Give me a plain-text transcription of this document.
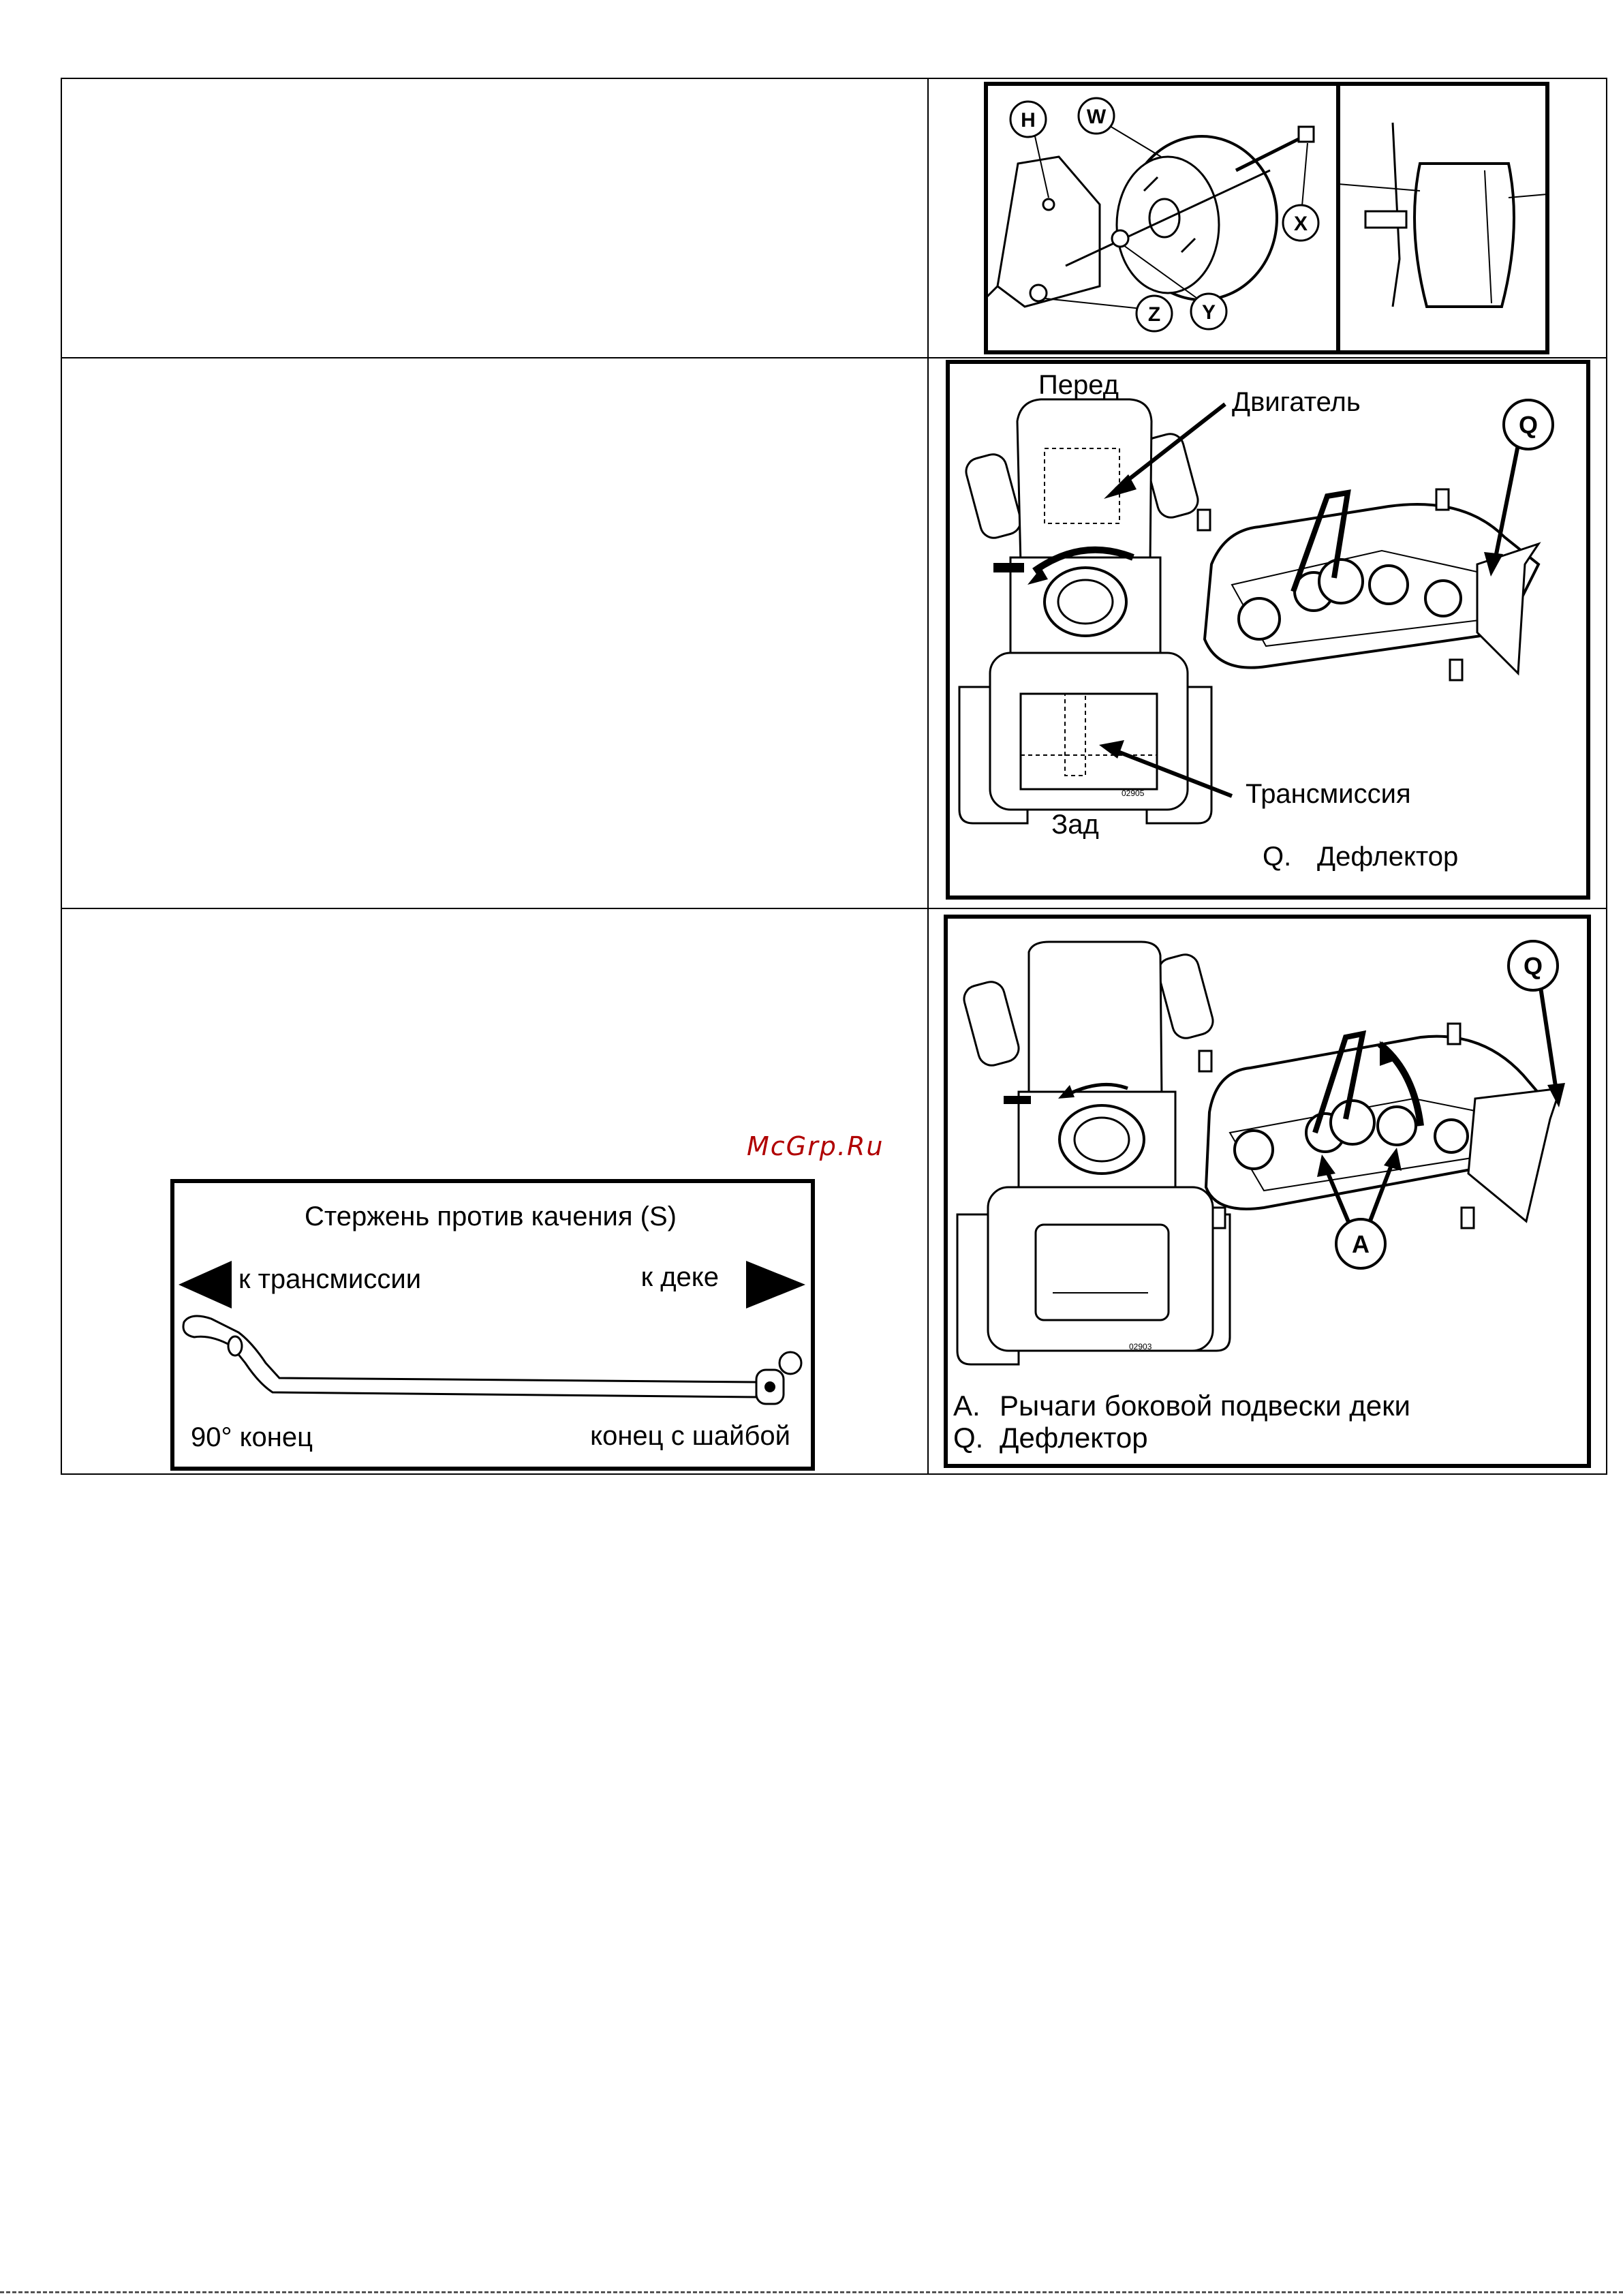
H	W
X
Y
Z
02905
Q
Перед
Двигатель
Трансмиссия
Зад
Q. Дефлектор
Стержень против качения (S)
к трансмиссии	к деке
90° конец	конец с шайбой
02903
Q
A
A. Рычаги боковой подвески деки
Q. Дефлектор
McGrp.Ru
